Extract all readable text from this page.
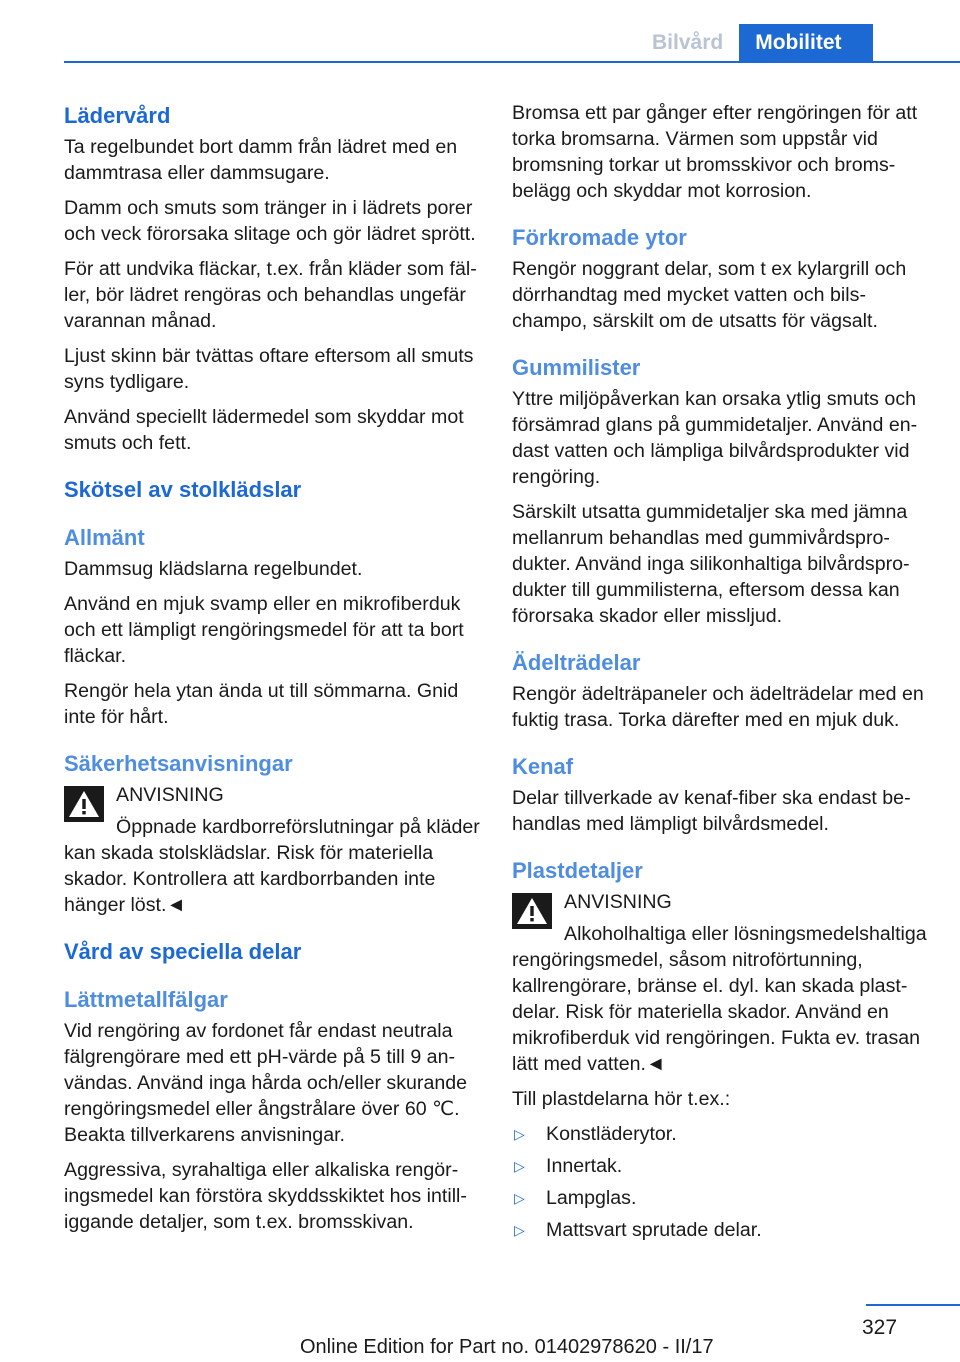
Bilvård	Mobilitet
Lädervård

Ta regelbundet bort damm från lädret med en dammtrasa eller dammsugare.

Damm och smuts som tränger in i lädrets porer och veck förorsaka slitage och gör lädret sprött.

För att undvika fläckar, t.ex. från kläder som fäller, bör lädret rengöras och behandlas ungefär varannan månad.

Ljust skinn bär tvättas oftare eftersom all smuts syns tydligare.

Använd speciellt lädermedel som skyddar mot smuts och fett.

Skötsel av stolklädslar
Allmänt

Dammsug klädslarna regelbundet.

Använd en mjuk svamp eller en mikrofiberduk och ett lämpligt rengöringsmedel för att ta bort fläckar.

Rengör hela ytan ända ut till sömmarna. Gnid inte för hårt.

Säkerhetsanvisningar
ANVISNING
Öppnade kardborreförslutningar på kläder kan skada stolsklädslar. Risk för materiella skador. Kontrollera att kardborrbanden inte hänger löst.◄
Vård av speciella delar
Lättmetallfälgar

Vid rengöring av fordonet får endast neutrala fälgrengörare med ett pH-värde på 5 till 9 användas. Använd inga hårda och/eller skurande rengöringsmedel eller ångstrålare över 60 ℃. Beakta tillverkarens anvisningar.

Aggressiva, syrahaltiga eller alkaliska rengöringsmedel kan förstöra skyddsskiktet hos intilliggande detaljer, som t.ex. bromsskivan.

Bromsa ett par gånger efter rengöringen för att torka bromsarna. Värmen som uppstår vid bromsning torkar ut bromsskivor och bromsbelägg och skyddar mot korrosion.

Förkromade ytor

Rengör noggrant delar, som t ex kylargrill och dörrhandtag med mycket vatten och bilschampo, särskilt om de utsatts för vägsalt.

Gummilister

Yttre miljöpåverkan kan orsaka ytlig smuts och försämrad glans på gummidetaljer. Använd endast vatten och lämpliga bilvårdsprodukter vid rengöring.

Särskilt utsatta gummidetaljer ska med jämna mellanrum behandlas med gummivårdsprodukter. Använd inga silikonhaltiga bilvårdsprodukter till gummilisterna, eftersom dessa kan förorsaka skador eller missljud.

Ädelträdelar

Rengör ädelträpaneler och ädelträdelar med en fuktig trasa. Torka därefter med en mjuk duk.

Kenaf

Delar tillverkade av kenaf-fiber ska endast behandlas med lämpligt bilvårdsmedel.

Plastdetaljer
ANVISNING
Alkoholhaltiga eller lösningsmedelshaltiga rengöringsmedel, såsom nitroförtunning, kallrengörare, bränse el. dyl. kan skada plastdelar. Risk för materiella skador. Använd en mikrofiberduk vid rengöringen. Fukta ev. trasan lätt med vatten.◄

Till plastdelarna hör t.ex.:

▷ Konstläderytor.
▷ Innertak.
▷ Lampglas.
▷ Mattsvart sprutade delar.
327
Online Edition for Part no. 01402978620 - II/17
